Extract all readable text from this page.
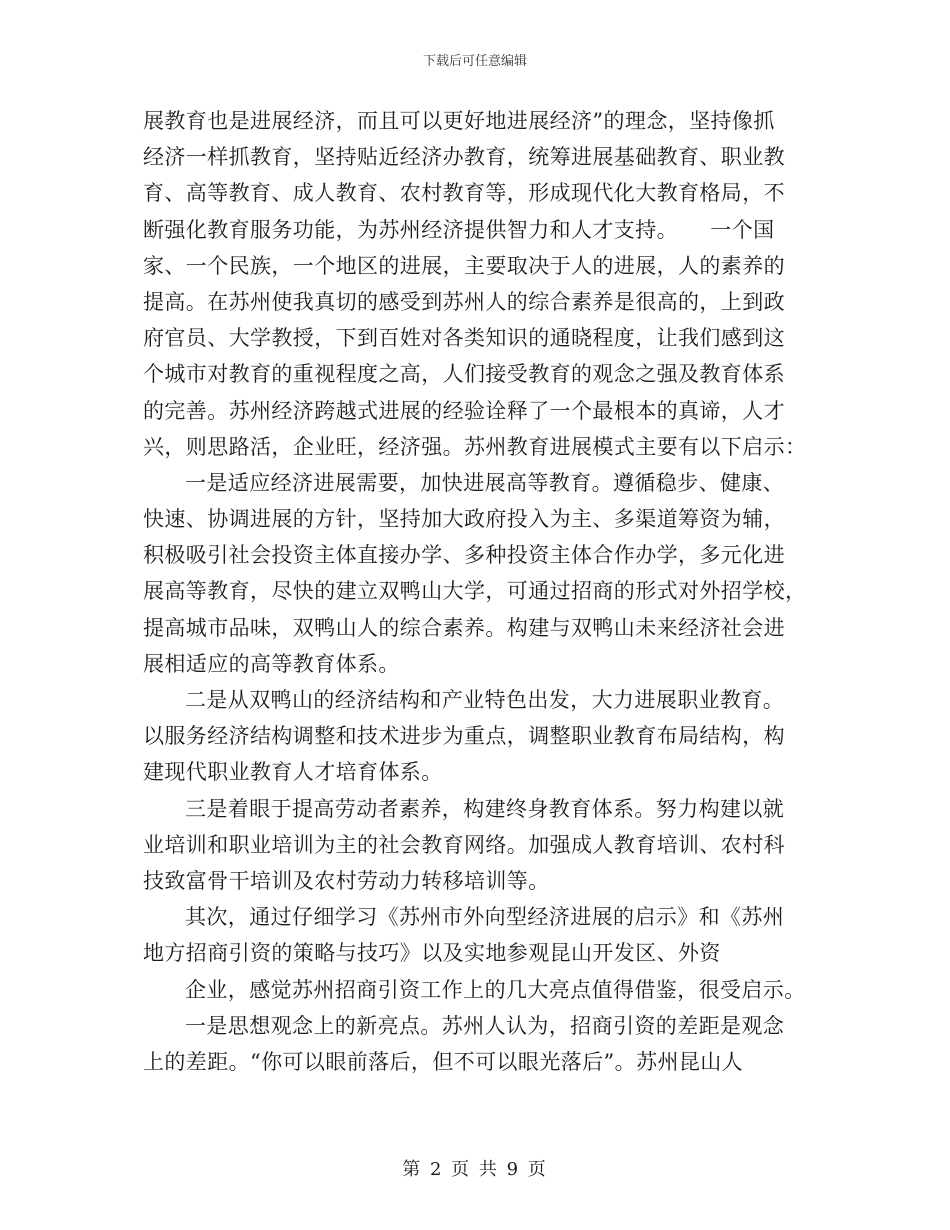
下载后可任意编辑
展教育也是进展经济，而且可以更好地进展经济”的理念，坚持像抓
经济一样抓教育，坚持贴近经济办教育，统筹进展基础教育、职业教
育、高等教育、成人教育、农村教育等，形成现代化大教育格局，不
断强化教育服务功能，为苏州经济提供智力和人才支持。　　一个国
家、一个民族，一个地区的进展，主要取决于人的进展，人的素养的
提高。在苏州使我真切的感受到苏州人的综合素养是很高的，上到政
府官员、大学教授，下到百姓对各类知识的通晓程度，让我们感到这
个城市对教育的重视程度之高，人们接受教育的观念之强及教育体系
的完善。苏州经济跨越式进展的经验诠释了一个最根本的真谛，人才
兴，则思路活，企业旺，经济强。苏州教育进展模式主要有以下启示：
一是适应经济进展需要，加快进展高等教育。遵循稳步、健康、
快速、协调进展的方针，坚持加大政府投入为主、多渠道筹资为辅，
积极吸引社会投资主体直接办学、多种投资主体合作办学，多元化进
展高等教育，尽快的建立双鸭山大学，可通过招商的形式对外招学校，
提高城市品味，双鸭山人的综合素养。构建与双鸭山未来经济社会进
展相适应的高等教育体系。
二是从双鸭山的经济结构和产业特色出发，大力进展职业教育。
以服务经济结构调整和技术进步为重点，调整职业教育布局结构，构
建现代职业教育人才培育体系。
三是着眼于提高劳动者素养，构建终身教育体系。努力构建以就
业培训和职业培训为主的社会教育网络。加强成人教育培训、农村科
技致富骨干培训及农村劳动力转移培训等。
其次，通过仔细学习《苏州市外向型经济进展的启示》和《苏州
地方招商引资的策略与技巧》以及实地参观昆山开发区、外资
企业，感觉苏州招商引资工作上的几大亮点值得借鉴，很受启示。
一是思想观念上的新亮点。苏州人认为，招商引资的差距是观念
上的差距。“你可以眼前落后，但不可以眼光落后”。苏州昆山人
第 2 页 共 9 页
